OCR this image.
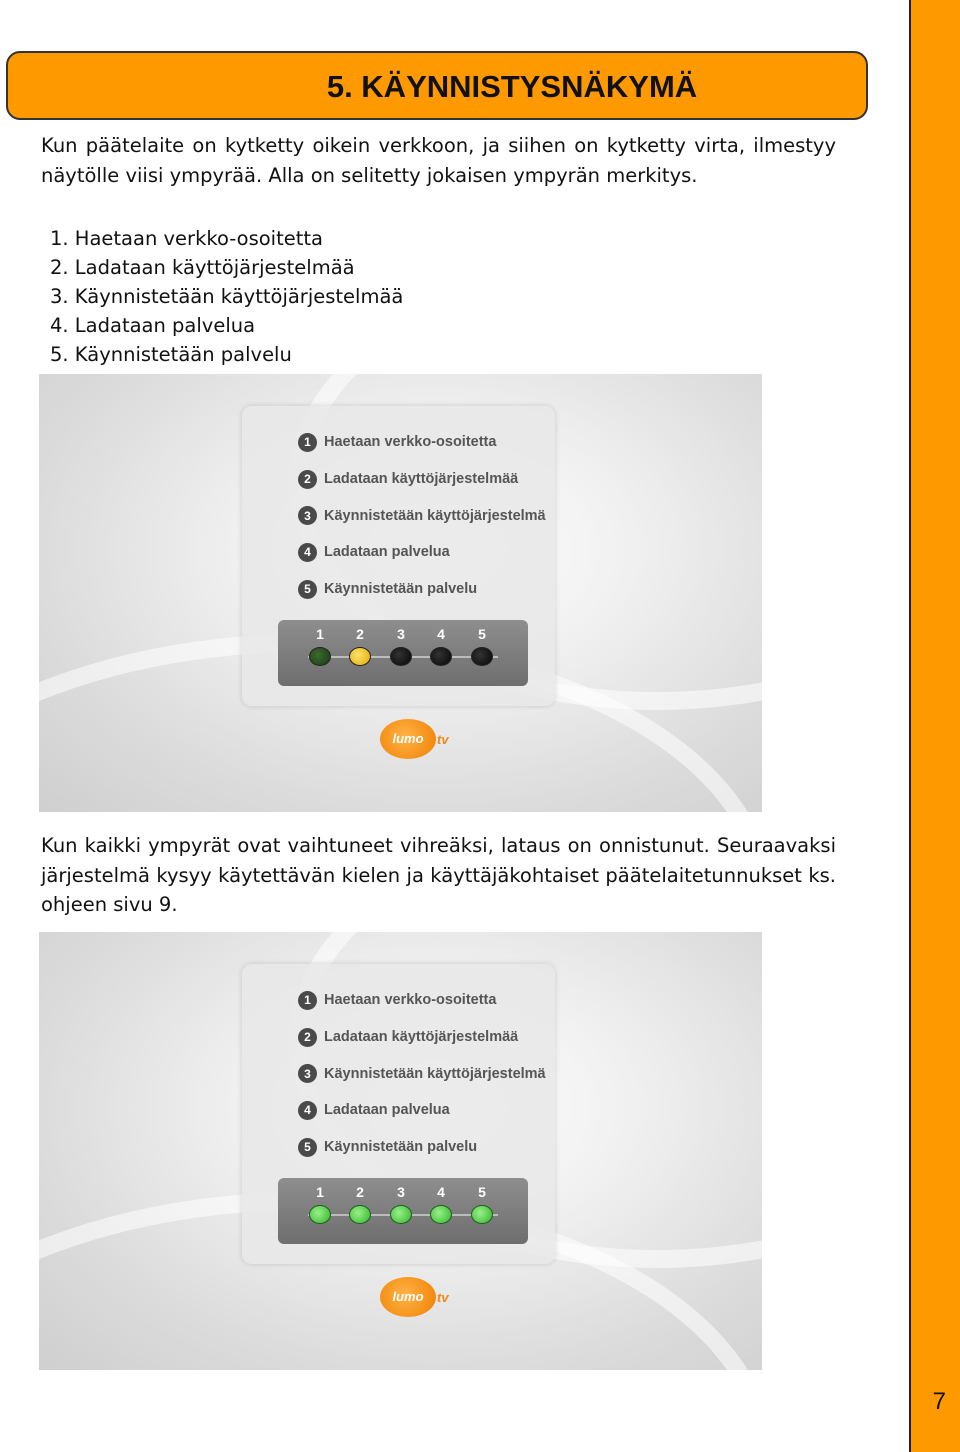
7
5. KÄYNNISTYSNÄKYMÄ
Kun päätelaite on kytketty oikein verkkoon, ja siihen on kytketty virta, ilmestyy näytölle viisi ympyrää. Alla on selitetty jokaisen ympyrän merkitys.
1. Haetaan verkko-osoitetta
2. Ladataan käyttöjärjestelmää
3. Käynnistetään käyttöjärjestelmää
4. Ladataan palvelua
5. Käynnistetään palvelu
1 Haetaan verkko-osoitetta
2 Ladataan käyttöjärjestelmää
3 Käynnistetään käyttöjärjestelmä
4 Ladataan palvelua
5 Käynnistetään palvelu
1	2	3	4	5
lumo	tv
Kun kaikki ympyrät ovat vaihtuneet vihreäksi, lataus on onnistunut. Seuraavaksi järjestelmä kysyy käytettävän kielen ja käyttäjäkohtaiset päätelaitetunnukset ks. ohjeen sivu 9.
1 Haetaan verkko-osoitetta
2 Ladataan käyttöjärjestelmää
3 Käynnistetään käyttöjärjestelmä
4 Ladataan palvelua
5 Käynnistetään palvelu
1	2	3	4	5
lumo	tv
